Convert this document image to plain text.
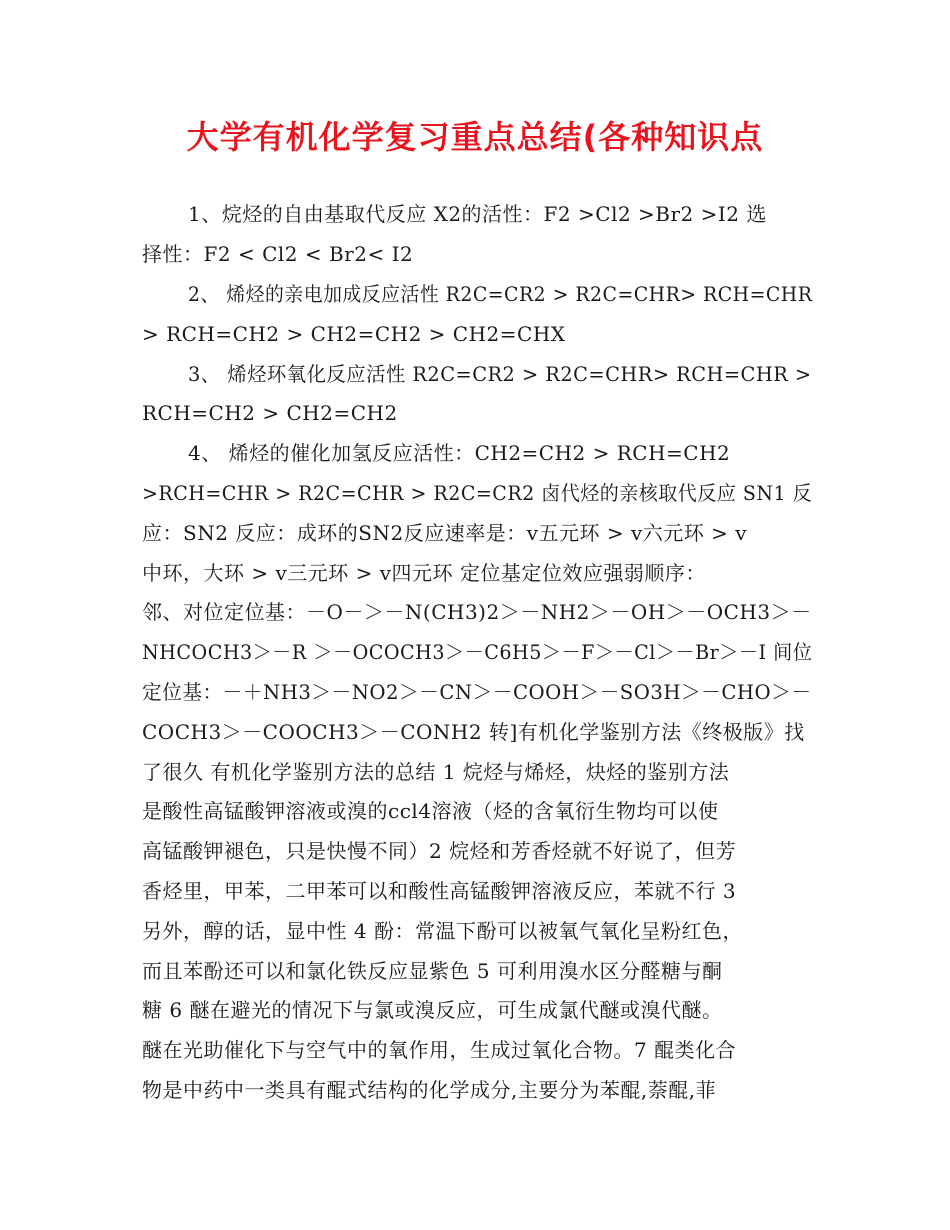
大学有机化学复习重点总结(各种知识点
1、烷烃的自由基取代反应 X2的活性：F2 >Cl2 >Br2 >I2 选
择性：F2 < Cl2 < Br2< I2
2、 烯烃的亲电加成反应活性 R2C=CR2 > R2C=CHR> RCH=CHR
> RCH=CH2 > CH2=CH2 > CH2=CHX
3、 烯烃环氧化反应活性 R2C=CR2 > R2C=CHR> RCH=CHR >
RCH=CH2 > CH2=CH2
4、 烯烃的催化加氢反应活性：CH2=CH2 > RCH=CH2
>RCH=CHR > R2C=CHR > R2C=CR2 卤代烃的亲核取代反应 SN1 反
应：SN2 反应：成环的SN2反应速率是：v五元环 > v六元环 > v
中环，大环 > v三元环 > v四元环 定位基定位效应强弱顺序：
邻、对位定位基：－O－＞－N(CH3)2＞－NH2＞－OH＞－OCH3＞－
NHCOCH3＞－R ＞－OCOCH3＞－C6H5＞－F＞－Cl＞－Br＞－I 间位
定位基：－＋NH3＞－NO2＞－CN＞－COOH＞－SO3H＞－CHO＞－
COCH3＞－COOCH3＞－CONH2 转]有机化学鉴别方法《终极版》找
了很久 有机化学鉴别方法的总结 1 烷烃与烯烃，炔烃的鉴别方法
是酸性高锰酸钾溶液或溴的ccl4溶液（烃的含氧衍生物均可以使
高锰酸钾褪色，只是快慢不同）2 烷烃和芳香烃就不好说了，但芳
香烃里，甲苯，二甲苯可以和酸性高锰酸钾溶液反应，苯就不行 3
另外，醇的话，显中性 4 酚：常温下酚可以被氧气氧化呈粉红色，
而且苯酚还可以和氯化铁反应显紫色 5 可利用溴水区分醛糖与酮
糖 6 醚在避光的情况下与氯或溴反应，可生成氯代醚或溴代醚。
醚在光助催化下与空气中的氧作用，生成过氧化合物。7 醌类化合
物是中药中一类具有醌式结构的化学成分,主要分为苯醌,萘醌,菲
